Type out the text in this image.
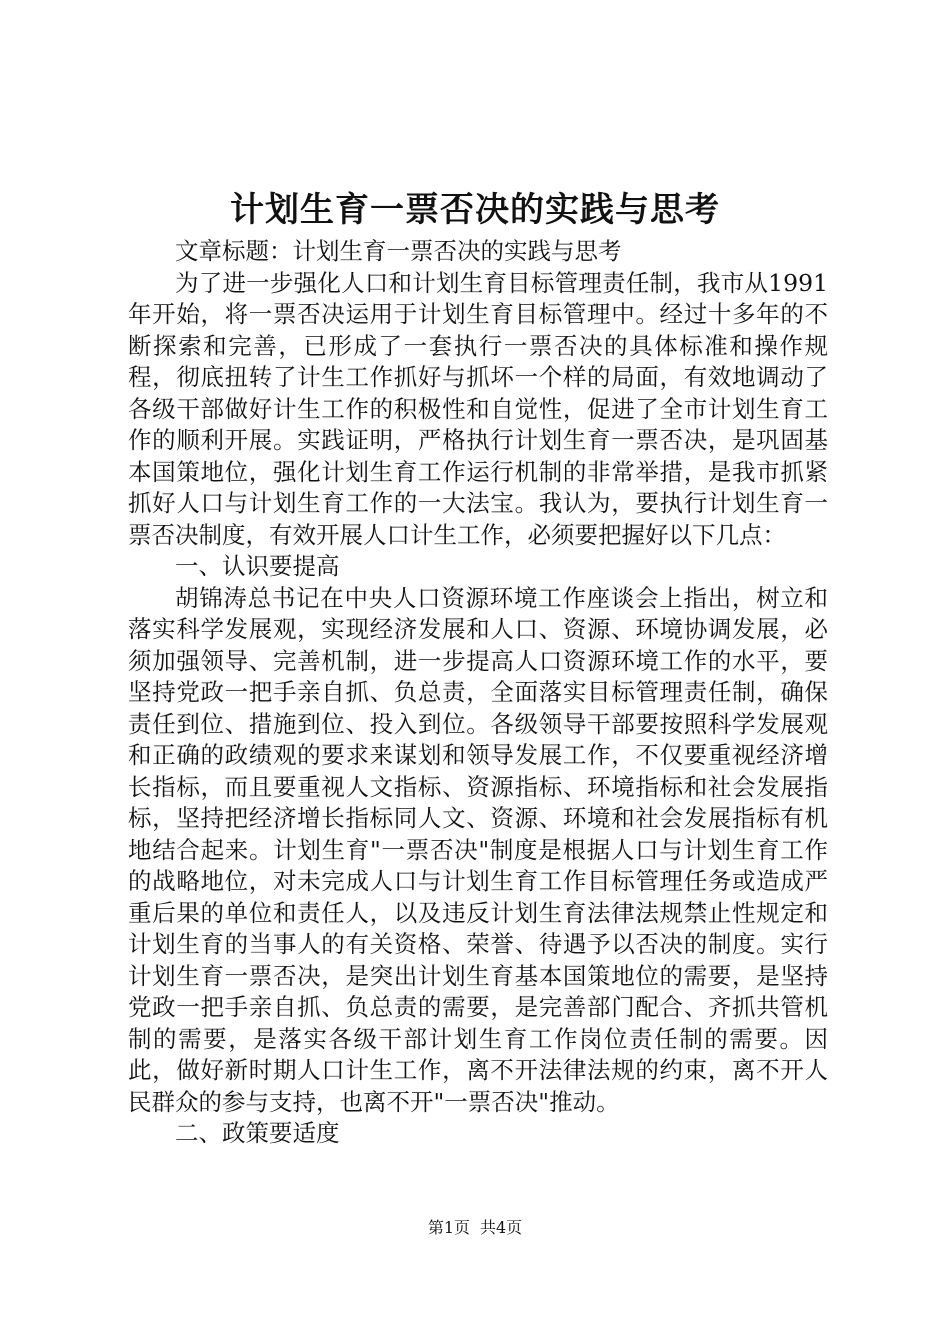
计划生育一票否决的实践与思考

文章标题：计划生育一票否决的实践与思考

为了进一步强化人口和计划生育目标管理责任制，我市从1991年开始，将一票否决运用于计划生育目标管理中。经过十多年的不断探索和完善，已形成了一套执行一票否决的具体标准和操作规程，彻底扭转了计生工作抓好与抓坏一个样的局面，有效地调动了各级干部做好计生工作的积极性和自觉性，促进了全市计划生育工作的顺利开展。实践证明，严格执行计划生育一票否决，是巩固基本国策地位，强化计划生育工作运行机制的非常举措，是我市抓紧抓好人口与计划生育工作的一大法宝。我认为，要执行计划生育一票否决制度，有效开展人口计生工作，必须要把握好以下几点：

一、认识要提高

胡锦涛总书记在中央人口资源环境工作座谈会上指出，树立和落实科学发展观，实现经济发展和人口、资源、环境协调发展，必须加强领导、完善机制，进一步提高人口资源环境工作的水平，要坚持党政一把手亲自抓、负总责，全面落实目标管理责任制，确保责任到位、措施到位、投入到位。各级领导干部要按照科学发展观和正确的政绩观的要求来谋划和领导发展工作，不仅要重视经济增长指标，而且要重视人文指标、资源指标、环境指标和社会发展指标，坚持把经济增长指标同人文、资源、环境和社会发展指标有机地结合起来。计划生育"一票否决"制度是根据人口与计划生育工作的战略地位，对未完成人口与计划生育工作目标管理任务或造成严重后果的单位和责任人，以及违反计划生育法律法规禁止性规定和计划生育的当事人的有关资格、荣誉、待遇予以否决的制度。实行计划生育一票否决，是突出计划生育基本国策地位的需要，是坚持党政一把手亲自抓、负总责的需要，是完善部门配合、齐抓共管机制的需要，是落实各级干部计划生育工作岗位责任制的需要。因此，做好新时期人口计生工作，离不开法律法规的约束，离不开人民群众的参与支持，也离不开"一票否决"推动。

二、政策要适度

第1页 共4页
